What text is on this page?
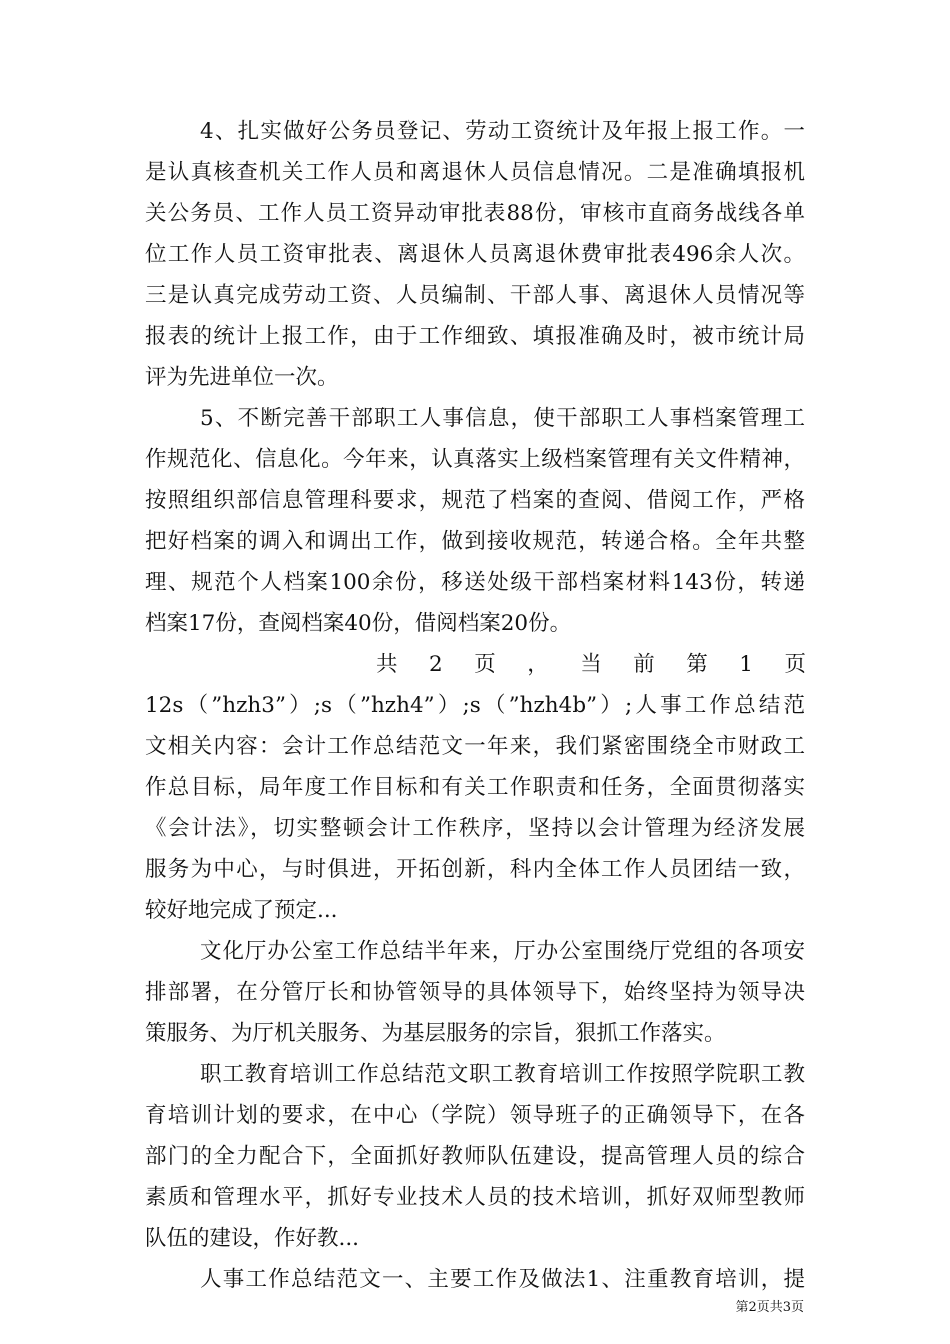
4、扎实做好公务员登记、劳动工资统计及年报上报工作。一
是认真核查机关工作人员和离退休人员信息情况。二是准确填报机
关公务员、工作人员工资异动审批表88份，审核市直商务战线各单
位工作人员工资审批表、离退休人员离退休费审批表496余人次。
三是认真完成劳动工资、人员编制、干部人事、离退休人员情况等
报表的统计上报工作，由于工作细致、填报准确及时，被市统计局
评为先进单位一次。
5、不断完善干部职工人事信息，使干部职工人事档案管理工
作规范化、信息化。今年来，认真落实上级档案管理有关文件精神，
按照组织部信息管理科要求，规范了档案的查阅、借阅工作，严格
把好档案的调入和调出工作，做到接收规范，转递合格。全年共整
理、规范个人档案100余份，移送处级干部档案材料143份，转递
档案17份，查阅档案40份，借阅档案20份。
共 2 页 ， 当 前 第 1 页
12s（”hzh3”）;s（”hzh4”）;s（”hzh4b”）;人事工作总结范
文相关内容：会计工作总结范文一年来，我们紧密围绕全市财政工
作总目标，局年度工作目标和有关工作职责和任务，全面贯彻落实
《会计法》，切实整顿会计工作秩序，坚持以会计管理为经济发展
服务为中心，与时俱进，开拓创新，科内全体工作人员团结一致，
较好地完成了预定...
文化厅办公室工作总结半年来，厅办公室围绕厅党组的各项安
排部署，在分管厅长和协管领导的具体领导下，始终坚持为领导决
策服务、为厅机关服务、为基层服务的宗旨，狠抓工作落实。
职工教育培训工作总结范文职工教育培训工作按照学院职工教
育培训计划的要求，在中心（学院）领导班子的正确领导下，在各
部门的全力配合下，全面抓好教师队伍建设，提高管理人员的综合
素质和管理水平，抓好专业技术人员的技术培训，抓好双师型教师
队伍的建设，作好教...
人事工作总结范文一、主要工作及做法1、注重教育培训，提
第2页共3页
